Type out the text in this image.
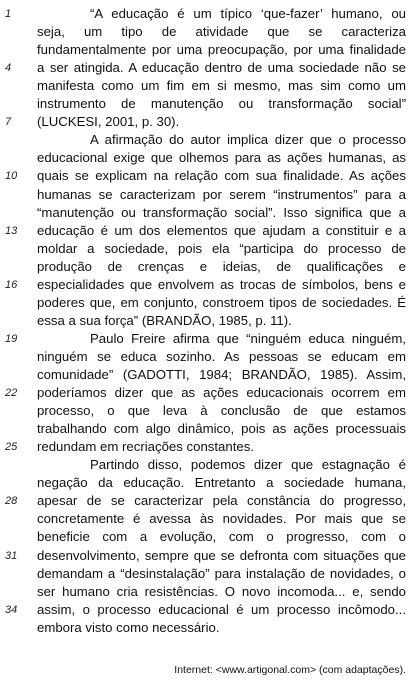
1	“A educação é um típico ‘que-fazer’ humano, ou
seja, um tipo de atividade que se caracteriza
fundamentalmente por uma preocupação, por uma finalidade
4 a ser atingida. A educação dentro de uma sociedade não se
manifesta como um fim em si mesmo, mas sim como um
instrumento de manutenção ou transformação social”
7 (LUCKESI, 2001, p. 30).
A afirmação do autor implica dizer que o processo
educacional exige que olhemos para as ações humanas, as
10 quais se explicam na relação com sua finalidade. As ações
humanas se caracterizam por serem “instrumentos” para a
“manutenção ou transformação social”. Isso significa que a
13 educação é um dos elementos que ajudam a constituir e a
moldar a sociedade, pois ela “participa do processo de
produção de crenças e ideias, de qualificações e
16 especialidades que envolvem as trocas de símbolos, bens e
poderes que, em conjunto, constroem tipos de sociedades. É
essa a sua força” (BRANDÃO, 1985, p. 11).
19	Paulo Freire afirma que “ninguém educa ninguém,
ninguém se educa sozinho. As pessoas se educam em
comunidade” (GADOTTI, 1984; BRANDÃO, 1985). Assim,
22 poderíamos dizer que as ações educacionais ocorrem em
processo, o que leva à conclusão de que estamos
trabalhando com algo dinâmico, pois as ações processuais
25 redundam em recriações constantes.
Partindo disso, podemos dizer que estagnação é
negação da educação. Entretanto a sociedade humana,
28 apesar de se caracterizar pela constância do progresso,
concretamente é avessa às novidades. Por mais que se
beneficie com a evolução, com o progresso, com o
31 desenvolvimento, sempre que se defronta com situações que
demandam a “desinstalação” para instalação de novidades, o
ser humano cria resistências. O novo incomoda... e, sendo
34 assim, o processo educacional é um processo incômodo...
embora visto como necessário.
Internet: <www.artigonal.com> (com adaptações).
